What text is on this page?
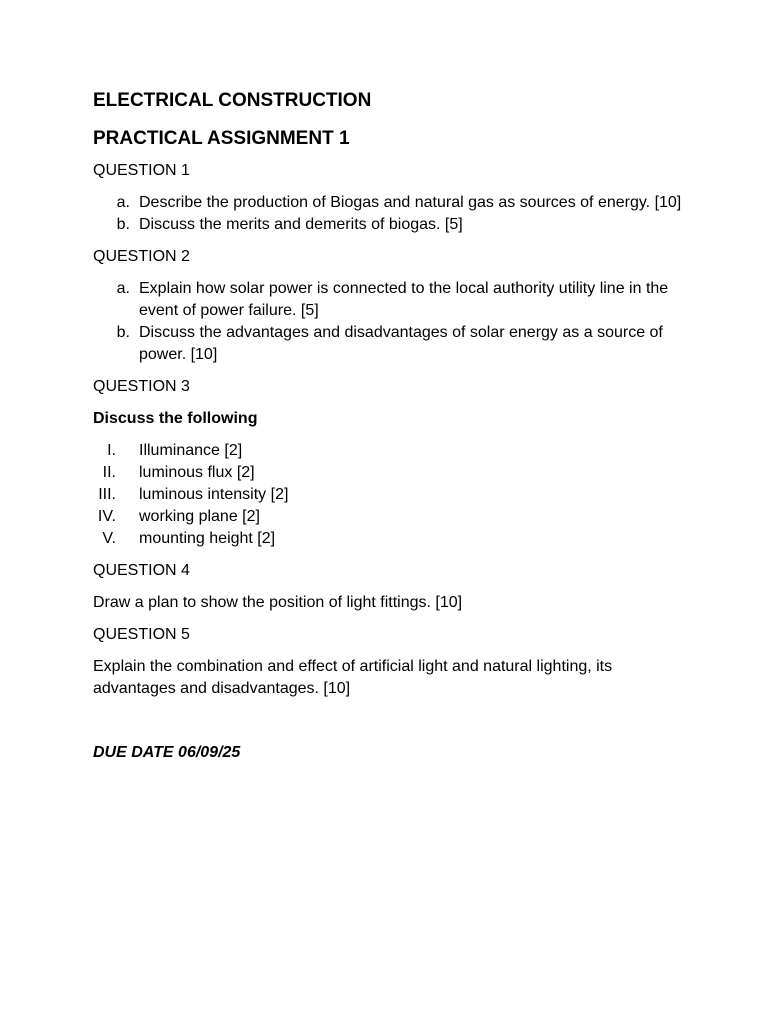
ELECTRICAL CONSTRUCTION

PRACTICAL ASSIGNMENT 1

QUESTION 1

a. Describe the production of Biogas and natural gas as sources of energy. [10]
b. Discuss the merits and demerits of biogas. [5]

QUESTION 2

a. Explain how solar power is connected to the local authority utility line in the event of power failure. [5]
b. Discuss the advantages and disadvantages of solar energy as a source of power. [10]

QUESTION 3

Discuss the following

I. Illuminance [2]
II. luminous flux [2]
III. luminous intensity [2]
IV. working plane [2]
V. mounting height [2]

QUESTION 4

Draw a plan to show the position of light fittings. [10]

QUESTION 5

Explain the combination and effect of artificial light and natural lighting, its advantages and disadvantages. [10]

DUE DATE 06/09/25
